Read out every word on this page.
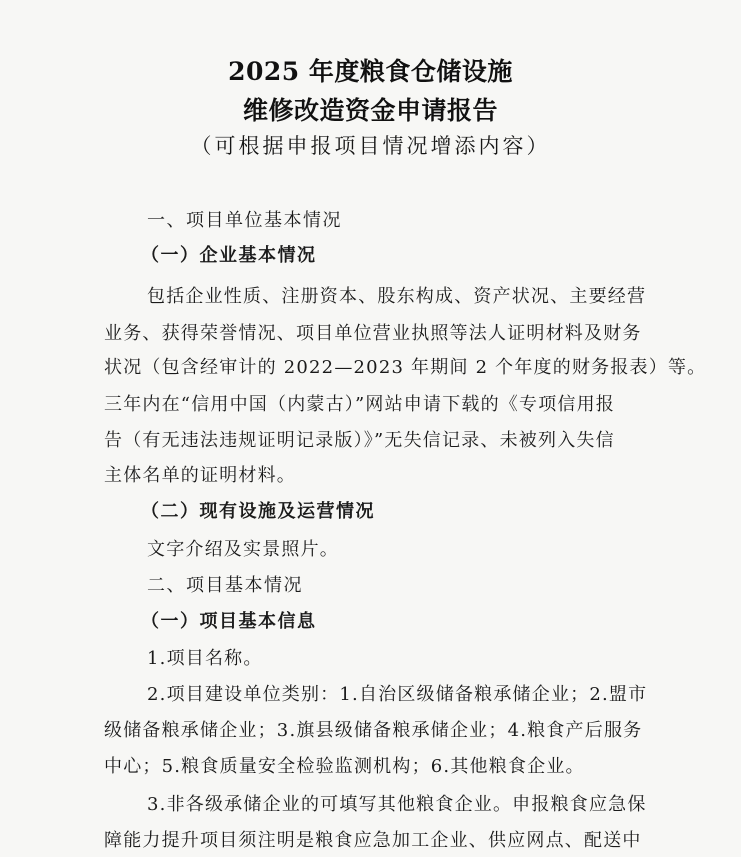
2025 年度粮食仓储设施
维修改造资金申请报告
（可根据申报项目情况增添内容）
一、项目单位基本情况
（一）企业基本情况
包括企业性质、注册资本、股东构成、资产状况、主要经营
业务、获得荣誉情况、项目单位营业执照等法人证明材料及财务
状况（包含经审计的 2022—2023 年期间 2 个年度的财务报表）等。
三年内在“信用中国（内蒙古）”网站申请下载的《专项信用报
告（有无违法违规证明记录版）》”无失信记录、未被列入失信
主体名单的证明材料。
（二）现有设施及运营情况
文字介绍及实景照片。
二、项目基本情况
（一）项目基本信息
1.项目名称。
2.项目建设单位类别：1.自治区级储备粮承储企业；2.盟市
级储备粮承储企业；3.旗县级储备粮承储企业；4.粮食产后服务
中心；5.粮食质量安全检验监测机构；6.其他粮食企业。
3.非各级承储企业的可填写其他粮食企业。申报粮食应急保
障能力提升项目须注明是粮食应急加工企业、供应网点、配送中
